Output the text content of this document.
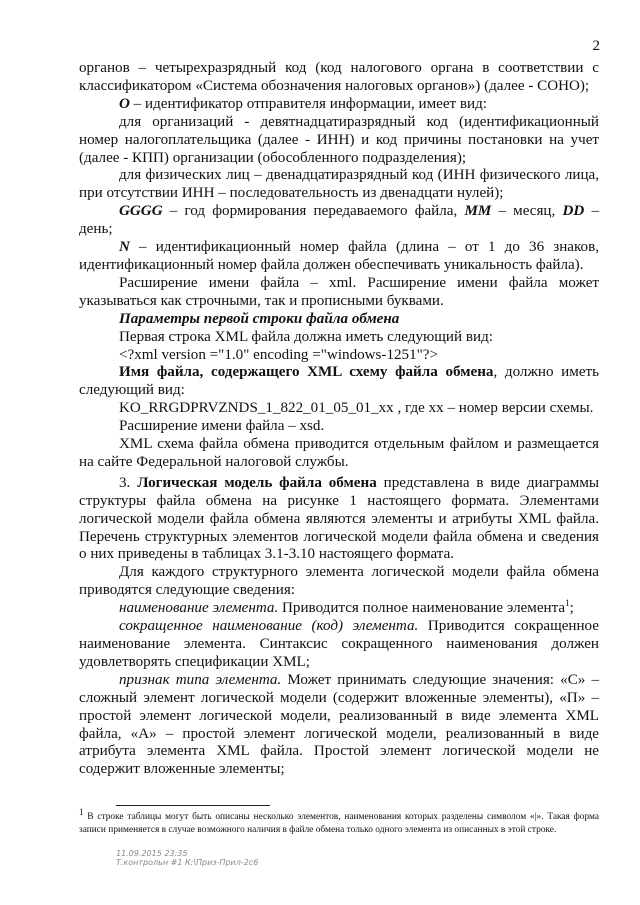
2

органов – четырехразрядный код (код налогового органа в соответствии с классификатором «Система обозначения налоговых органов») (далее - СОНО);

O – идентификатор отправителя информации, имеет вид:

для организаций - девятнадцатиразрядный код (идентификационный номер налогоплательщика (далее - ИНН) и код причины постановки на учет (далее - КПП) организации (обособленного подразделения);

для физических лиц – двенадцатиразрядный код (ИНН физического лица, при отсутствии ИНН – последовательность из двенадцати нулей);

GGGG – год формирования передаваемого файла, MM – месяц, DD – день;

N – идентификационный номер файла (длина – от 1 до 36 знаков, идентификационный номер файла должен обеспечивать уникальность файла).

Расширение имени файла – xml. Расширение имени файла может указываться как строчными, так и прописными буквами.

Параметры первой строки файла обмена

Первая строка XML файла должна иметь следующий вид:

<?xml version ="1.0" encoding ="windows-1251"?>

Имя файла, содержащего XML схему файла обмена, должно иметь следующий вид:

KO_RRGDPRVZNDS_1_822_01_05_01_xx , где хх – номер версии схемы.

Расширение имени файла – xsd.

XML схема файла обмена приводится отдельным файлом и размещается на сайте Федеральной налоговой службы.

3. Логическая модель файла обмена представлена в виде диаграммы структуры файла обмена на рисунке 1 настоящего формата. Элементами логической модели файла обмена являются элементы и атрибуты XML файла. Перечень структурных элементов логической модели файла обмена и сведения о них приведены в таблицах 3.1-3.10 настоящего формата.

Для каждого структурного элемента логической модели файла обмена приводятся следующие сведения:

наименование элемента. Приводится полное наименование элемента$^1$;

сокращенное наименование (код) элемента. Приводится сокращенное наименование элемента. Синтаксис сокращенного наименования должен удовлетворять спецификации XML;

признак типа элемента. Может принимать следующие значения: «С» – сложный элемент логической модели (содержит вложенные элементы), «П» – простой элемент логической модели, реализованный в виде элемента XML файла, «А» – простой элемент логической модели, реализованный в виде атрибута элемента XML файла. Простой элемент логической модели не содержит вложенные элементы;

$^1$ В строке таблицы могут быть описаны несколько элементов, наименования которых разделены символом «|». Такая форма записи применяется в случае возможного наличия в файле обмена только одного элемента из описанных в этой строке.
11.09.2015 23:35
Т.контрольн #1 К:\Приз-Прил-2с6
